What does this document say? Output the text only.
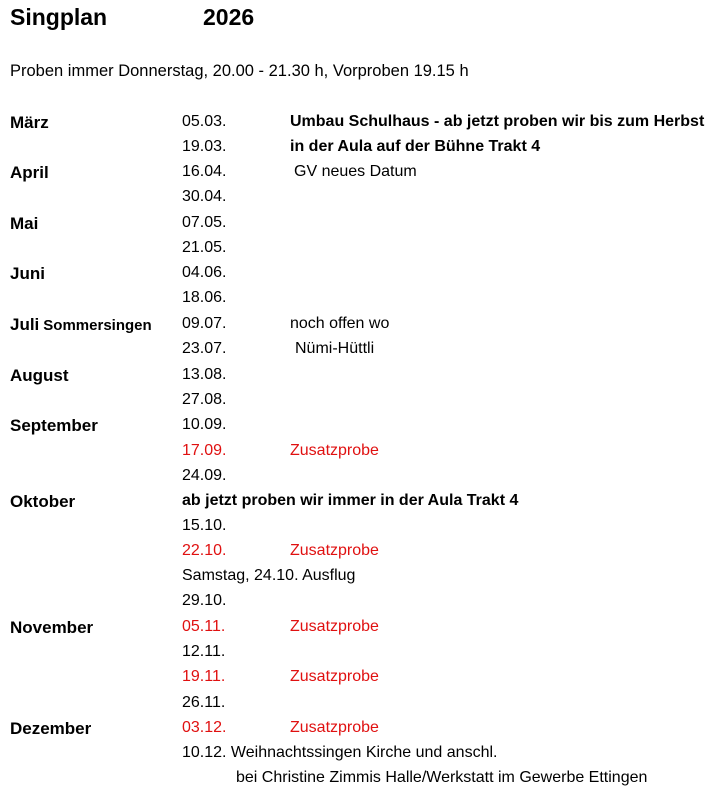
Singplan	2026
Proben immer Donnerstag, 20.00 - 21.30 h, Vorproben 19.15 h
März	05.03.	Umbau Schulhaus - ab jetzt proben wir bis zum Herbst
19.03.	in der Aula auf der Bühne Trakt 4
April	16.04.	GV neues Datum
30.04.
Mai	07.05.
21.05.
Juni	04.06.
18.06.
Juli Sommersingen 09.07.	noch offen wo
23.07.	Nümi-Hüttli
August	13.08.
27.08.
September	10.09.
17.09.	Zusatzprobe
24.09.
Oktober	ab jetzt proben wir immer in der Aula Trakt 4
15.10.
22.10.	Zusatzprobe
Samstag, 24.10. Ausflug
29.10.
November	05.11.	Zusatzprobe
12.11.
19.11.	Zusatzprobe
26.11.
Dezember	03.12.	Zusatzprobe
10.12. Weihnachtssingen Kirche und anschl.
bei Christine Zimmis Halle/Werkstatt im Gewerbe Ettingen
